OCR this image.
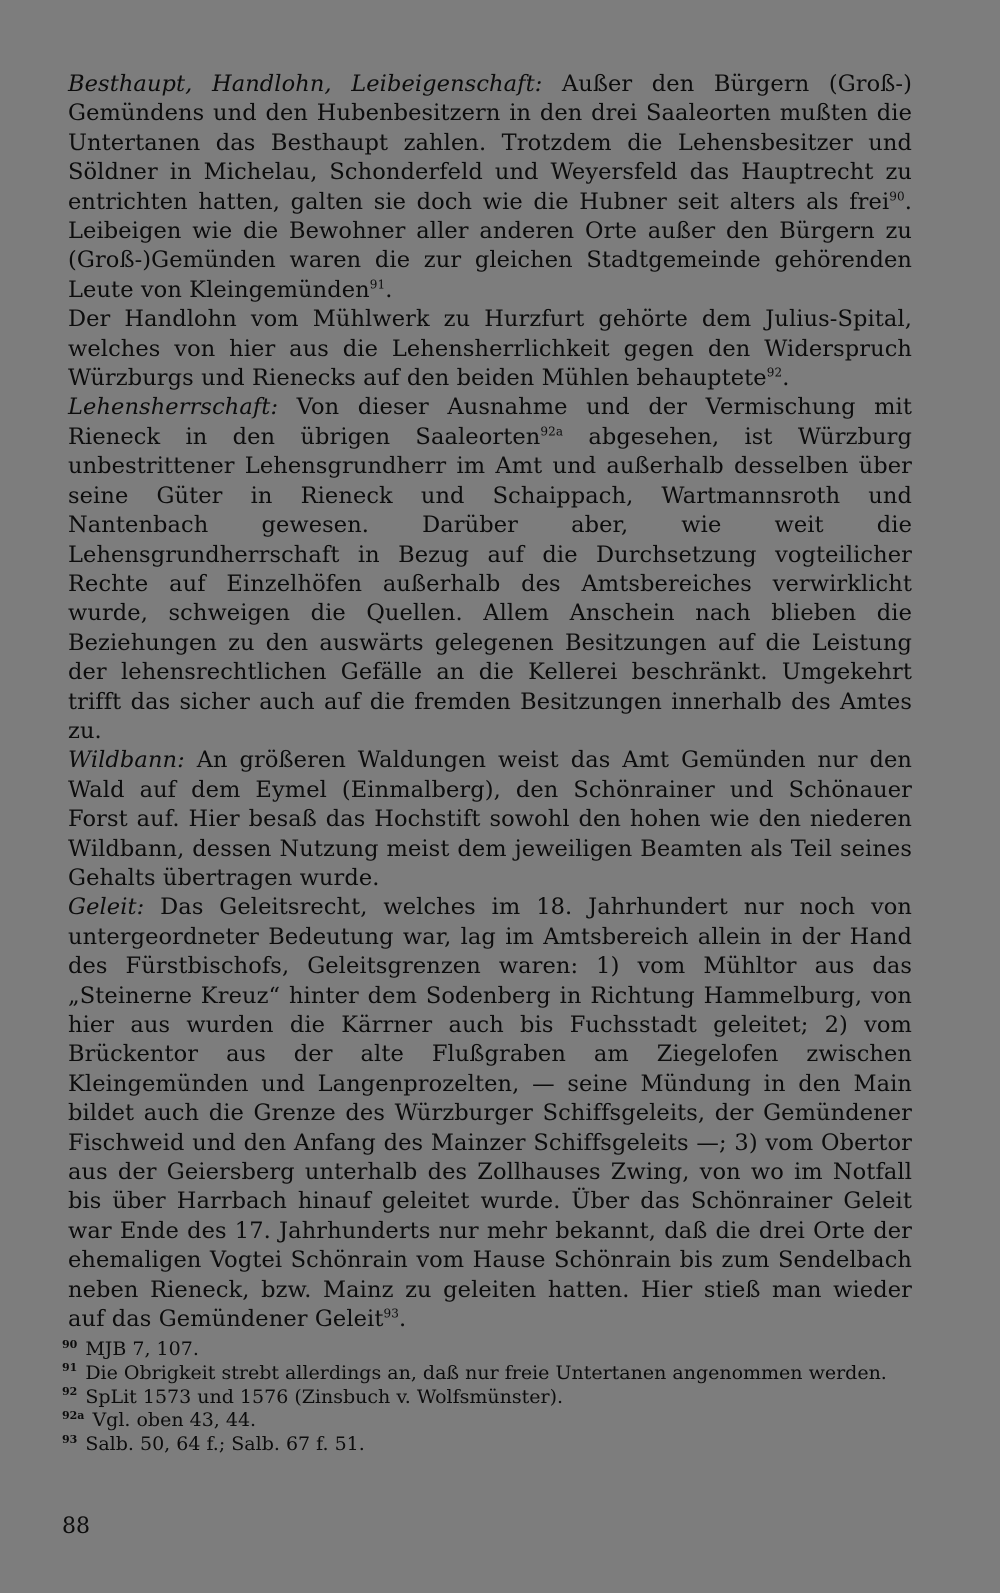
Besthaupt, Handlohn, Leibeigenschaft: Außer den Bürgern (Groß-) Gemündens und den Hubenbesitzern in den drei Saaleorten mußten die Untertanen das Besthaupt zahlen. Trotzdem die Lehensbesitzer und Söldner in Michelau, Schonderfeld und Weyersfeld das Hauptrecht zu entrichten hatten, galten sie doch wie die Hubner seit alters als frei$^{90}$. Leibeigen wie die Bewohner aller anderen Orte außer den Bürgern zu (Groß-)Gemünden waren die zur gleichen Stadtgemeinde gehörenden Leute von Kleingemünden$^{91}$.

Der Handlohn vom Mühlwerk zu Hurzfurt gehörte dem Julius-Spital, welches von hier aus die Lehensherrlichkeit gegen den Widerspruch Würzburgs und Rienecks auf den beiden Mühlen behauptete$^{92}$.

Lehensherrschaft: Von dieser Ausnahme und der Vermischung mit Rieneck in den übrigen Saaleorten$^{92a}$ abgesehen, ist Würzburg unbestrittener Lehensgrundherr im Amt und außerhalb desselben über seine Güter in Rieneck und Schaippach, Wartmannsroth und Nantenbach gewesen. Darüber aber, wie weit die Lehensgrundherrschaft in Bezug auf die Durchsetzung vogteilicher Rechte auf Einzelhöfen außerhalb des Amtsbereiches verwirklicht wurde, schweigen die Quellen. Allem Anschein nach blieben die Beziehungen zu den auswärts gelegenen Besitzungen auf die Leistung der lehensrechtlichen Gefälle an die Kellerei beschränkt. Umgekehrt trifft das sicher auch auf die fremden Besitzungen innerhalb des Amtes zu.

Wildbann: An größeren Waldungen weist das Amt Gemünden nur den Wald auf dem Eymel (Einmalberg), den Schönrainer und Schönauer Forst auf. Hier besaß das Hochstift sowohl den hohen wie den niederen Wildbann, dessen Nutzung meist dem jeweiligen Beamten als Teil seines Gehalts übertragen wurde.

Geleit: Das Geleitsrecht, welches im 18. Jahrhundert nur noch von untergeordneter Bedeutung war, lag im Amtsbereich allein in der Hand des Fürstbischofs, Geleitsgrenzen waren: 1) vom Mühltor aus das „Steinerne Kreuz“ hinter dem Sodenberg in Richtung Hammelburg, von hier aus wurden die Kärrner auch bis Fuchsstadt geleitet; 2) vom Brückentor aus der alte Flußgraben am Ziegelofen zwischen Kleingemünden und Langenprozelten, — seine Mündung in den Main bildet auch die Grenze des Würzburger Schiffsgeleits, der Gemündener Fischweid und den Anfang des Mainzer Schiffsgeleits —; 3) vom Obertor aus der Geiersberg unterhalb des Zollhauses Zwing, von wo im Notfall bis über Harrbach hinauf geleitet wurde. Über das Schönrainer Geleit war Ende des 17. Jahrhunderts nur mehr bekannt, daß die drei Orte der ehemaligen Vogtei Schönrain vom Hause Schönrain bis zum Sendelbach neben Rieneck, bzw. Mainz zu geleiten hatten. Hier stieß man wieder auf das Gemündener Geleit$^{93}$.

$^{90}$ MJB 7, 107.

$^{91}$ Die Obrigkeit strebt allerdings an, daß nur freie Untertanen angenommen werden.

$^{92}$ SpLit 1573 und 1576 (Zinsbuch v. Wolfsmünster).

$^{92a}$ Vgl. oben 43, 44.

$^{93}$ Salb. 50, 64 f.; Salb. 67 f. 51.

88
